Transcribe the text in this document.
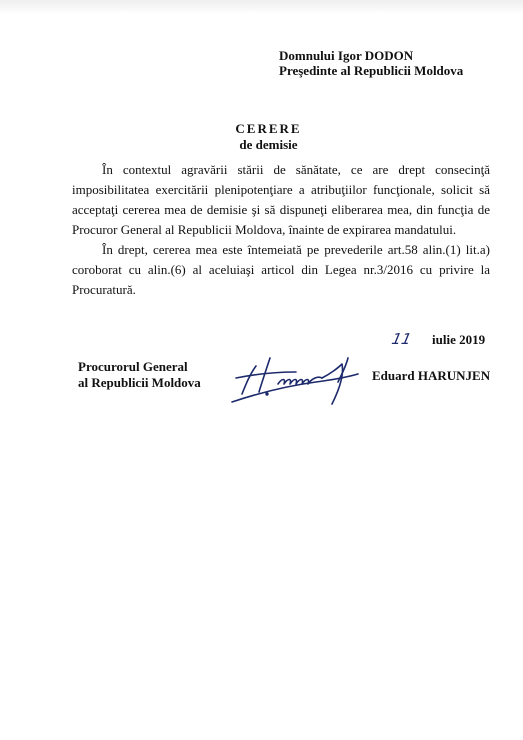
Domnului Igor DODON
Preşedinte al Republicii Moldova
CERERE
de demisie

În contextul agravării stării de sănătate, ce are drept consecinţă imposibilitatea exercitării plenipotenţiare a atribuţiilor funcţionale, solicit să acceptaţi cererea mea de demisie şi să dispuneţi eliberarea mea, din funcţia de Procuror General al Republicii Moldova, înainte de expirarea mandatului.

În drept, cererea mea este întemeiată pe prevederile art.58 alin.(1) lit.a) coroborat cu alin.(6) al aceluiaşi articol din Legea nr.3/2016 cu privire la Procuratură.

11 iulie 2019
Procurorul General
al Republicii Moldova	Eduard HARUNJEN
